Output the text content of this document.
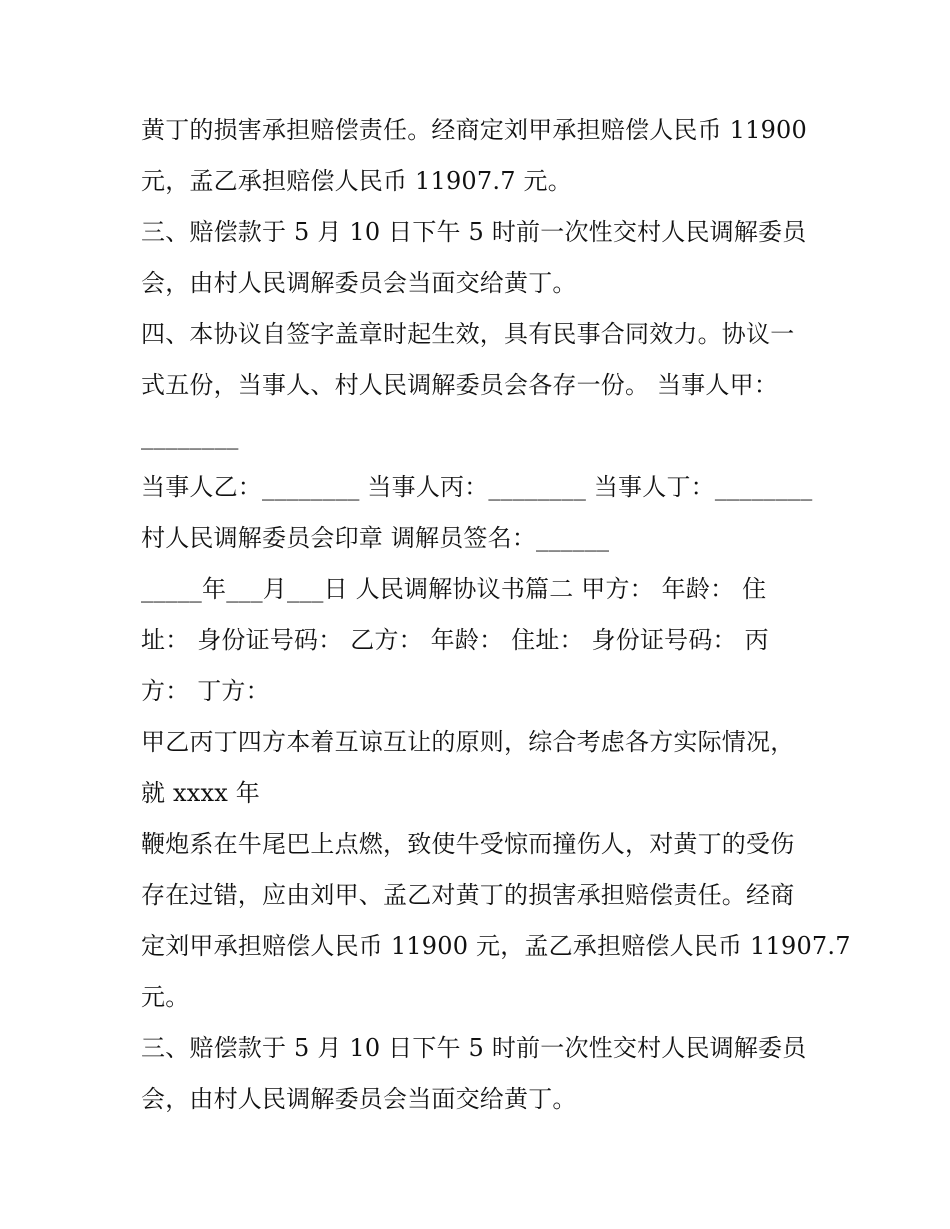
黄丁的损害承担赔偿责任。经商定刘甲承担赔偿人民币 11900
元，孟乙承担赔偿人民币 11907.7 元。
三、赔偿款于 5 月 10 日下午 5 时前一次性交村人民调解委员
会，由村人民调解委员会当面交给黄丁。
四、本协议自签字盖章时起生效，具有民事合同效力。协议一
式五份，当事人、村人民调解委员会各存一份。 当事人甲：
________
当事人乙：________ 当事人丙：________ 当事人丁：________
村人民调解委员会印章 调解员签名：______
_____年___月___日 人民调解协议书篇二 甲方： 年龄： 住
址： 身份证号码： 乙方： 年龄： 住址： 身份证号码： 丙
方： 丁方：
甲乙丙丁四方本着互谅互让的原则，综合考虑各方实际情况，
就 xxxx 年
鞭炮系在牛尾巴上点燃，致使牛受惊而撞伤人，对黄丁的受伤
存在过错，应由刘甲、孟乙对黄丁的损害承担赔偿责任。经商
定刘甲承担赔偿人民币 11900 元，孟乙承担赔偿人民币 11907.7
元。
三、赔偿款于 5 月 10 日下午 5 时前一次性交村人民调解委员
会，由村人民调解委员会当面交给黄丁。
